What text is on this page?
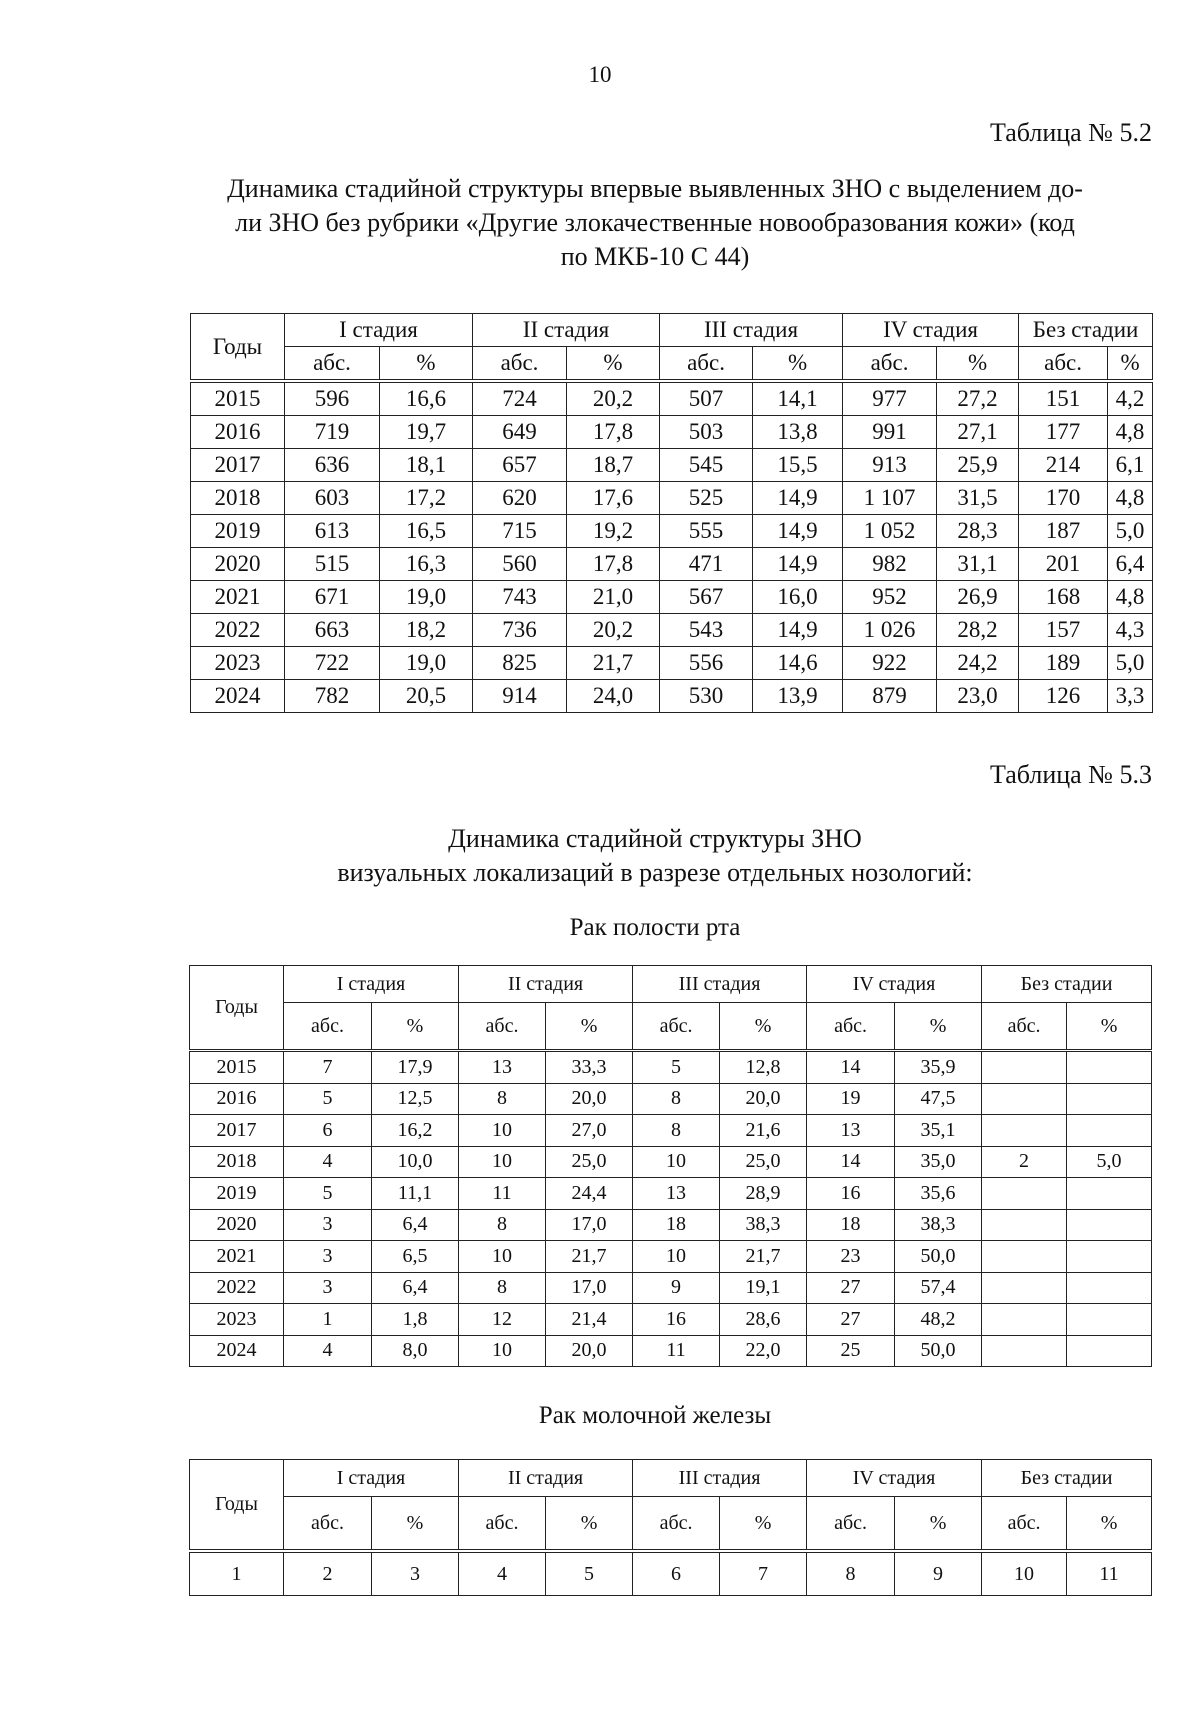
10
Таблица № 5.2
Динамика стадийной структуры впервые выявленных ЗНО с выделением до-
ли ЗНО без рубрики «Другие злокачественные новообразования кожи» (код
по МКБ-10 С 44)
Годы	I стадия		II стадия		III стадия		IV стадия		Без стадии	
	абс.	%	абс.	%	абс.	%	абс.	%	абс.	%
2015	596	16,6	724	20,2	507	14,1	977	27,2	151	4,2
2016	719	19,7	649	17,8	503	13,8	991	27,1	177	4,8
2017	636	18,1	657	18,7	545	15,5	913	25,9	214	6,1
2018	603	17,2	620	17,6	525	14,9	1 107	31,5	170	4,8
2019	613	16,5	715	19,2	555	14,9	1 052	28,3	187	5,0
2020	515	16,3	560	17,8	471	14,9	982	31,1	201	6,4
2021	671	19,0	743	21,0	567	16,0	952	26,9	168	4,8
2022	663	18,2	736	20,2	543	14,9	1 026	28,2	157	4,3
2023	722	19,0	825	21,7	556	14,6	922	24,2	189	5,0
2024	782	20,5	914	24,0	530	13,9	879	23,0	126	3,3
Таблица № 5.3
Динамика стадийной структуры ЗНО
визуальных локализаций в разрезе отдельных нозологий:
Рак полости рта
Годы	I стадия		II стадия		III стадия		IV стадия		Без стадии	
	абс.	%	абс.	%	абс.	%	абс.	%	абс.	%
2015	7	17,9	13	33,3	5	12,8	14	35,9		
2016	5	12,5	8	20,0	8	20,0	19	47,5		
2017	6	16,2	10	27,0	8	21,6	13	35,1		
2018	4	10,0	10	25,0	10	25,0	14	35,0	2	5,0
2019	5	11,1	11	24,4	13	28,9	16	35,6		
2020	3	6,4	8	17,0	18	38,3	18	38,3		
2021	3	6,5	10	21,7	10	21,7	23	50,0		
2022	3	6,4	8	17,0	9	19,1	27	57,4		
2023	1	1,8	12	21,4	16	28,6	27	48,2		
2024	4	8,0	10	20,0	11	22,0	25	50,0		
Рак молочной железы
Годы	I стадия		II стадия		III стадия		IV стадия		Без стадии	
	абс.	%	абс.	%	абс.	%	абс.	%	абс.	%
1	2	3	4	5	6	7	8	9	10	11
